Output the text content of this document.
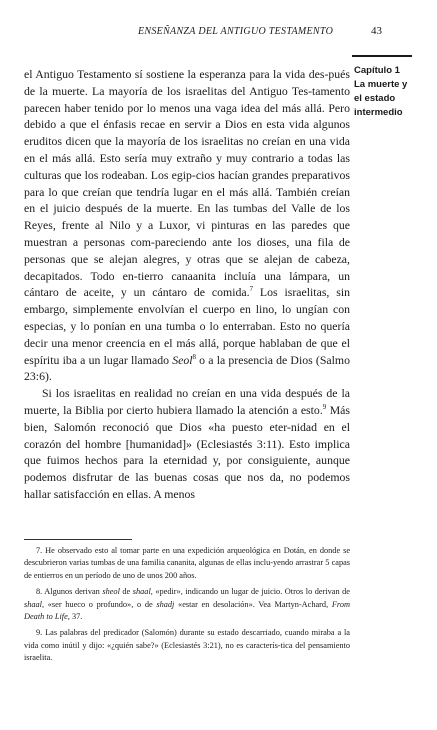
ENSEÑANZA DEL ANTIGUO TESTAMENTO	43
Capítulo 1
La muerte y
el estado
intermedio

el Antiguo Testamento sí sostiene la esperanza para la vida des-pués de la muerte. La mayoría de los israelitas del Antiguo Tes-tamento parecen haber tenido por lo menos una vaga idea del más allá. Pero debido a que el énfasis recae en servir a Dios en esta vida algunos eruditos dicen que la mayoría de los israelitas no creían en una vida en el más allá. Esto sería muy extraño y muy contrario a todas las culturas que los rodeaban. Los egip-cios hacían grandes preparativos para lo que creían que tendría lugar en el más allá. También creían en el juicio después de la muerte. En las tumbas del Valle de los Reyes, frente al Nilo y a Luxor, vi pinturas en las paredes que muestran a personas com-pareciendo ante los dioses, una fila de personas que se alejan alegres, y otras que se alejan de cabeza, decapitados. Todo en-tierro canaanita incluía una lámpara, un cántaro de aceite, y un cántaro de comida.$^7$ Los israelitas, sin embargo, simplemente envolvían el cuerpo en lino, lo ungían con especias, y lo ponían en una tumba o lo enterraban. Esto no quería decir una menor creencia en el más allá, porque hablaban de que el espíritu iba a un lugar llamado Seol$^8$ o a la presencia de Dios (Salmo 23:6).

Si los israelitas en realidad no creían en una vida después de la muerte, la Biblia por cierto hubiera llamado la atención a esto.$^9$ Más bien, Salomón reconoció que Dios «ha puesto eter-nidad en el corazón del hombre [humanidad]» (Eclesiastés 3:11). Esto implica que fuimos hechos para la eternidad y, por consiguiente, aunque podemos disfrutar de las buenas cosas que nos da, no podemos hallar satisfacción en ellas. A menos

7. He observado esto al tomar parte en una expedición arqueológica en Dotán, en donde se descubrieron varias tumbas de una familia cananita, algunas de ellas inclu-yendo arrastrar 5 capas de entierros en un período de uno de unos 200 años.

8. Algunos derivan sheol de shaal, «pedir», indicando un lugar de juicio. Otros lo derivan de shaal, «ser hueco o profundo», o de shadj «estar en desolación». Vea Martyn-Achard, From Death to Life, 37.

9. Las palabras del predicador (Salomón) durante su estado descarriado, cuando miraba a la vida como inútil y dijo: «¿quién sabe?» (Eclesiastés 3:21), no es caracterís-tica del pensamiento israelita.
